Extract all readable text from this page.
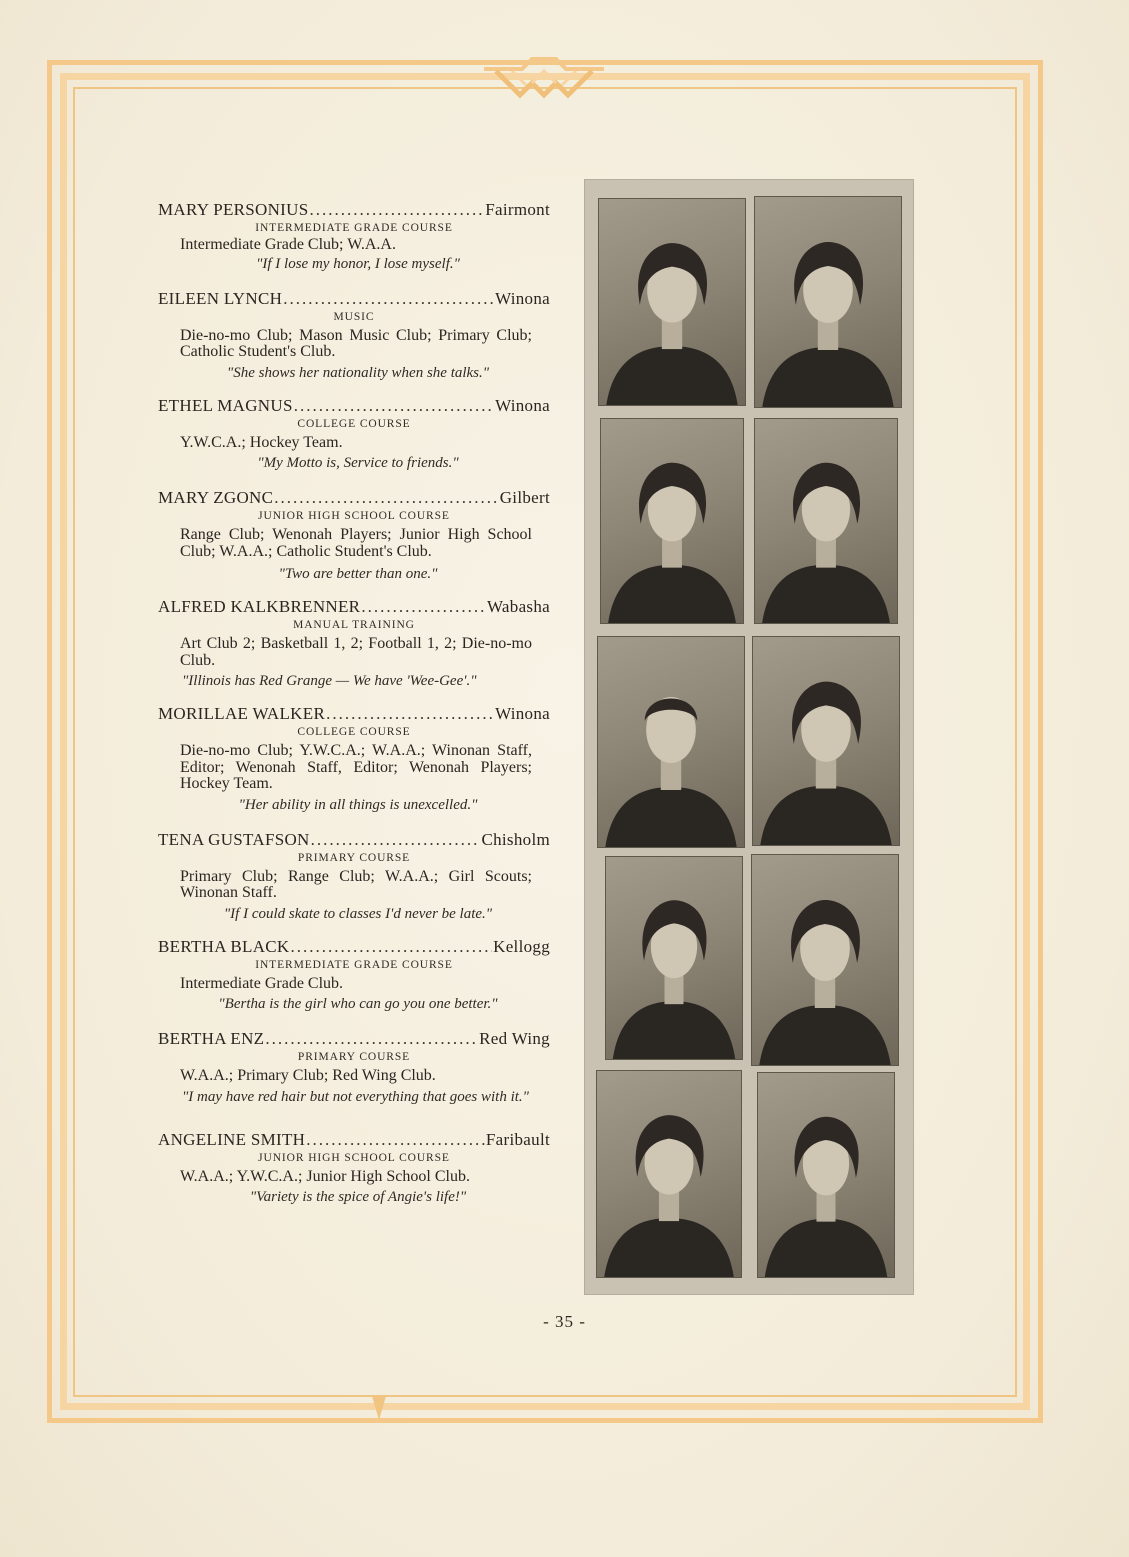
MARY PERSONIUS .....	Fairmont
INTERMEDIATE GRADE COURSE
Intermediate Grade Club; W.A.A.
"If I lose my honor, I lose myself."
EILEEN LYNCH .....	Winona
MUSIC
Die-no-mo Club; Mason Music Club; Primary Club; Catholic Student's Club.
"She shows her nationality when she talks."
ETHEL MAGNUS .....	Winona
COLLEGE COURSE
Y.W.C.A.; Hockey Team.
"My Motto is, Service to friends."
MARY ZGONC .....	Gilbert
JUNIOR HIGH SCHOOL COURSE
Range Club; Wenonah Players; Junior High School Club; W.A.A.; Catholic Student's Club.
"Two are better than one."
ALFRED KALKBRENNER .....	Wabasha
MANUAL TRAINING
Art Club 2; Basketball 1, 2; Football 1, 2; Die-no-mo Club.
"Illinois has Red Grange — We have 'Wee-Gee'."
MORILLAE WALKER .....	Winona
COLLEGE COURSE
Die-no-mo Club; Y.W.C.A.; W.A.A.; Winonan Staff, Editor; Wenonah Staff, Editor; Wenonah Players; Hockey Team.
"Her ability in all things is unexcelled."
TENA GUSTAFSON .....	Chisholm
PRIMARY COURSE
Primary Club; Range Club; W.A.A.; Girl Scouts; Winonan Staff.
"If I could skate to classes I'd never be late."
BERTHA BLACK .....	Kellogg
INTERMEDIATE GRADE COURSE
Intermediate Grade Club.
"Bertha is the girl who can go you one better."
BERTHA ENZ .....	Red Wing
PRIMARY COURSE
W.A.A.; Primary Club; Red Wing Club.
"I may have red hair but not everything that goes with it."
ANGELINE SMITH .....	Faribault
JUNIOR HIGH SCHOOL COURSE
W.A.A.; Y.W.C.A.; Junior High School Club.
"Variety is the spice of Angie's life!"
- 35 -
